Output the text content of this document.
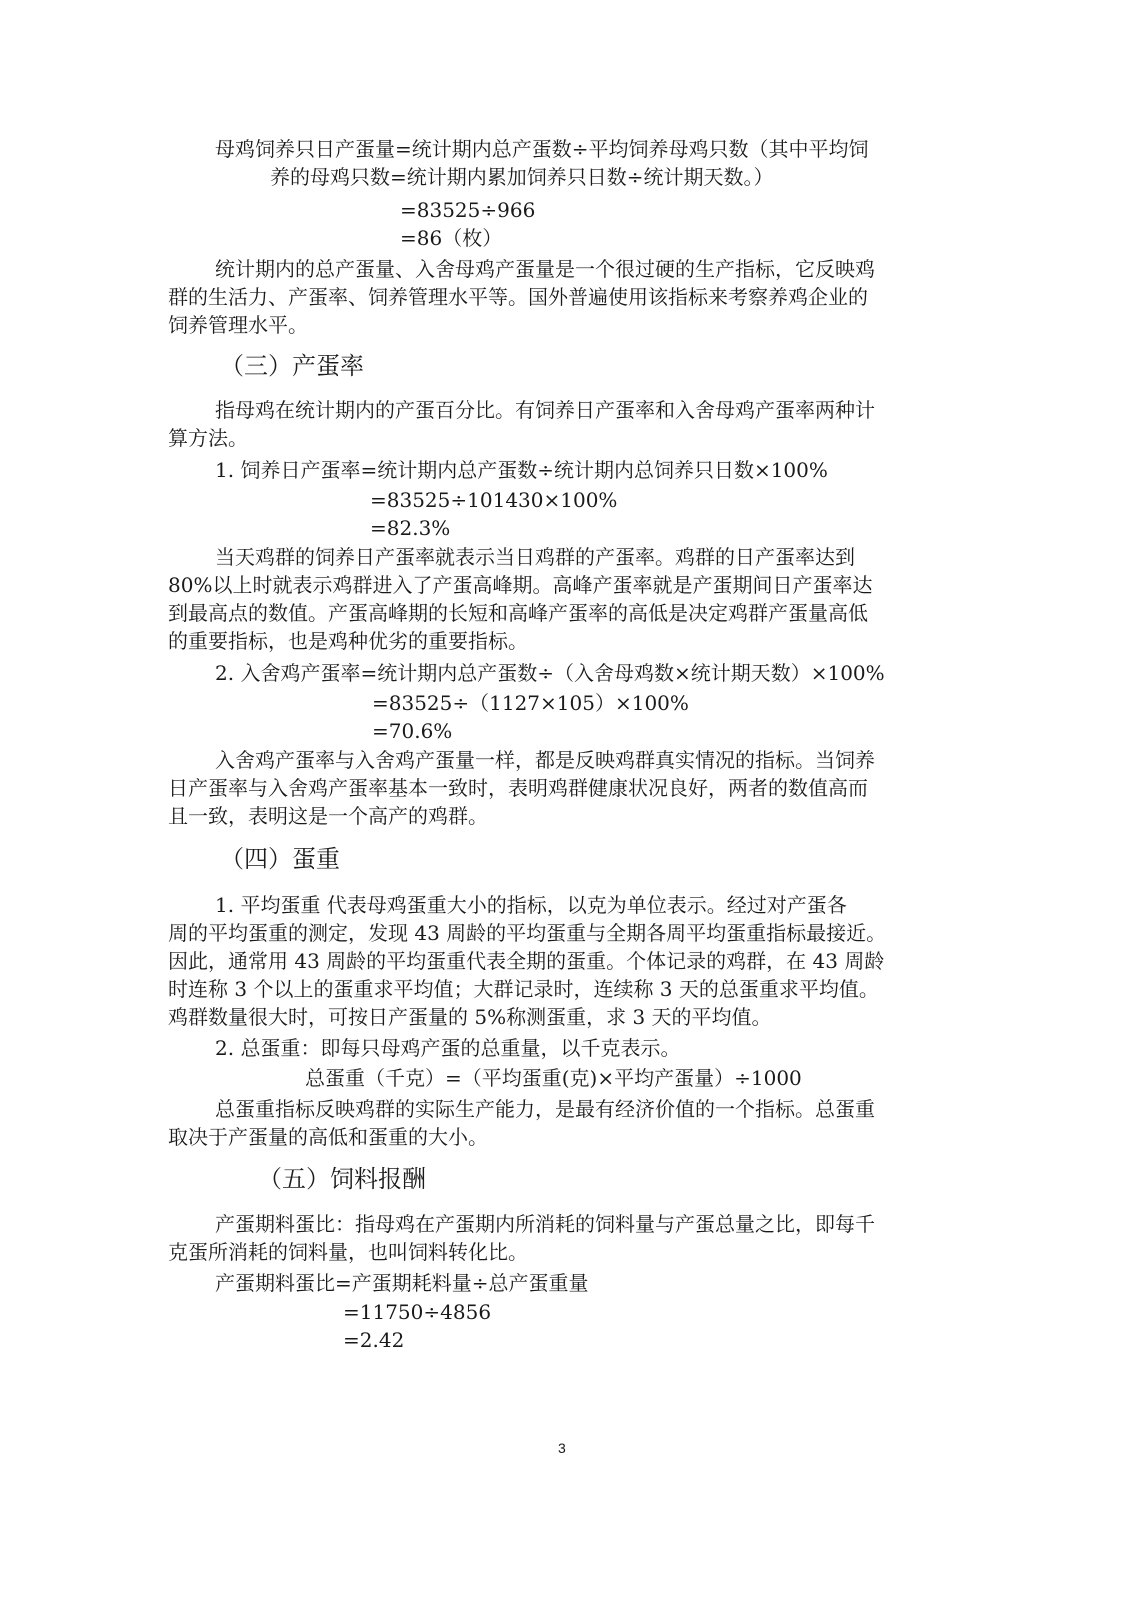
母鸡饲养只日产蛋量=统计期内总产蛋数÷平均饲养母鸡只数（其中平均饲
养的母鸡只数=统计期内累加饲养只日数÷统计期天数。）
=83525÷966
=86（枚）
统计期内的总产蛋量、入舍母鸡产蛋量是一个很过硬的生产指标，它反映鸡
群的生活力、产蛋率、饲养管理水平等。国外普遍使用该指标来考察养鸡企业的
饲养管理水平。
（三）产蛋率
指母鸡在统计期内的产蛋百分比。有饲养日产蛋率和入舍母鸡产蛋率两种计
算方法。
1. 饲养日产蛋率=统计期内总产蛋数÷统计期内总饲养只日数×100%
=83525÷101430×100%
=82.3%
当天鸡群的饲养日产蛋率就表示当日鸡群的产蛋率。鸡群的日产蛋率达到
80%以上时就表示鸡群进入了产蛋高峰期。高峰产蛋率就是产蛋期间日产蛋率达
到最高点的数值。产蛋高峰期的长短和高峰产蛋率的高低是决定鸡群产蛋量高低
的重要指标，也是鸡种优劣的重要指标。
2. 入舍鸡产蛋率=统计期内总产蛋数÷（入舍母鸡数×统计期天数）×100%
=83525÷（1127×105）×100%
=70.6%
入舍鸡产蛋率与入舍鸡产蛋量一样，都是反映鸡群真实情况的指标。当饲养
日产蛋率与入舍鸡产蛋率基本一致时，表明鸡群健康状况良好，两者的数值高而
且一致，表明这是一个高产的鸡群。
（四）蛋重
1. 平均蛋重 代表母鸡蛋重大小的指标，以克为单位表示。经过对产蛋各
周的平均蛋重的测定，发现 43 周龄的平均蛋重与全期各周平均蛋重指标最接近。
因此，通常用 43 周龄的平均蛋重代表全期的蛋重。个体记录的鸡群，在 43 周龄
时连称 3 个以上的蛋重求平均值；大群记录时，连续称 3 天的总蛋重求平均值。
鸡群数量很大时，可按日产蛋量的 5%称测蛋重，求 3 天的平均值。
2. 总蛋重：即每只母鸡产蛋的总重量，以千克表示。
总蛋重（千克）=（平均蛋重(克)×平均产蛋量）÷1000
总蛋重指标反映鸡群的实际生产能力，是最有经济价值的一个指标。总蛋重
取决于产蛋量的高低和蛋重的大小。
（五）饲料报酬
产蛋期料蛋比：指母鸡在产蛋期内所消耗的饲料量与产蛋总量之比，即每千
克蛋所消耗的饲料量，也叫饲料转化比。
产蛋期料蛋比=产蛋期耗料量÷总产蛋重量
=11750÷4856
=2.42
3
